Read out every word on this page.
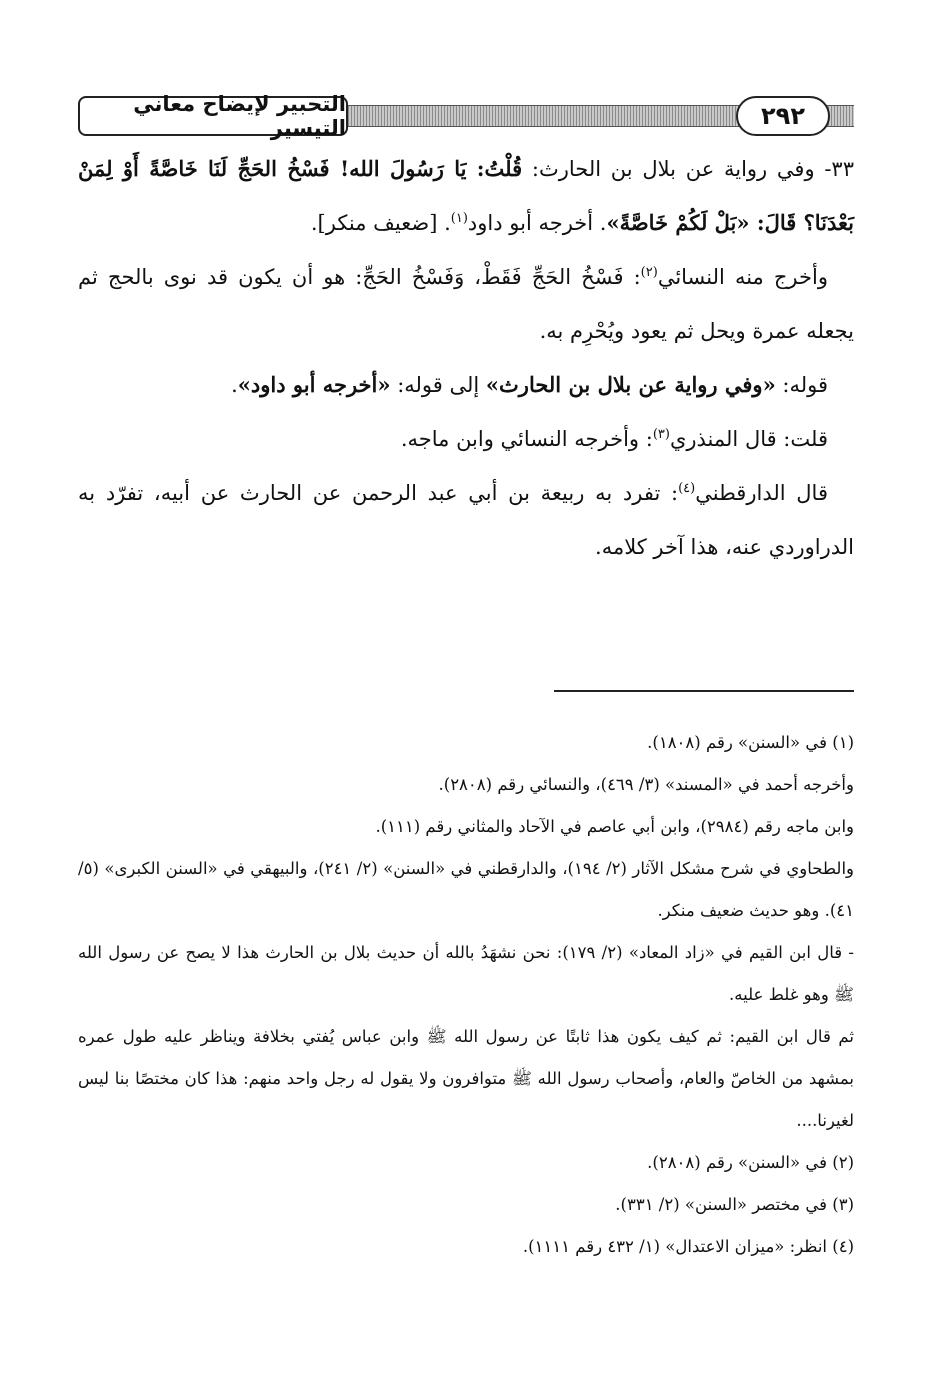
التحبير لإيضاح معاني التيسير	٢٩٢

٣٣- وفي رواية عن بلال بن الحارث: قُلْتُ: يَا رَسُولَ الله! فَسْخُ الحَجِّ لَنَا خَاصَّةً أَوْ لِمَنْ بَعْدَنَا؟ قَالَ: «بَلْ لَكُمْ خَاصَّةً». أخرجه أبو داود$^{(١)}$. [ضعيف منكر].

وأخرج منه النسائي$^{(٢)}$: فَسْخُ الحَجِّ فَقَطْ، وَفَسْخُ الحَجِّ: هو أن يكون قد نوى بالحج ثم يجعله عمرة ويحل ثم يعود ويُحْرِم به.

قوله: «وفي رواية عن بلال بن الحارث» إلى قوله: «أخرجه أبو داود».

قلت: قال المنذري$^{(٣)}$: وأخرجه النسائي وابن ماجه.

قال الدارقطني$^{(٤)}$: تفرد به ربيعة بن أبي عبد الرحمن عن الحارث عن أبيه، تفرّد به الدراوردي عنه، هذا آخر كلامه.

(١) في «السنن» رقم (١٨٠٨).

وأخرجه أحمد في «المسند» (٣/ ٤٦٩)، والنسائي رقم (٢٨٠٨).

وابن ماجه رقم (٢٩٨٤)، وابن أبي عاصم في الآحاد والمثاني رقم (١١١).

والطحاوي في شرح مشكل الآثار (٢/ ١٩٤)، والدارقطني في «السنن» (٢/ ٢٤١)، والبيهقي في «السنن الكبرى» (٥/ ٤١). وهو حديث ضعيف منكر.

- قال ابن القيم في «زاد المعاد» (٢/ ١٧٩): نحن نشهَدُ بالله أن حديث بلال بن الحارث هذا لا يصح عن رسول الله ﷺ وهو غلط عليه.

ثم قال ابن القيم: ثم كيف يكون هذا ثابتًا عن رسول الله ﷺ وابن عباس يُفتي بخلافة ويناظر عليه طول عمره بمشهد من الخاصّ والعام، وأصحاب رسول الله ﷺ متوافرون ولا يقول له رجل واحد منهم: هذا كان مختصًا بنا ليس لغيرنا....

(٢) في «السنن» رقم (٢٨٠٨).

(٣) في مختصر «السنن» (٢/ ٣٣١).

(٤) انظر: «ميزان الاعتدال» (١/ ٤٣٢ رقم ١١١١).
